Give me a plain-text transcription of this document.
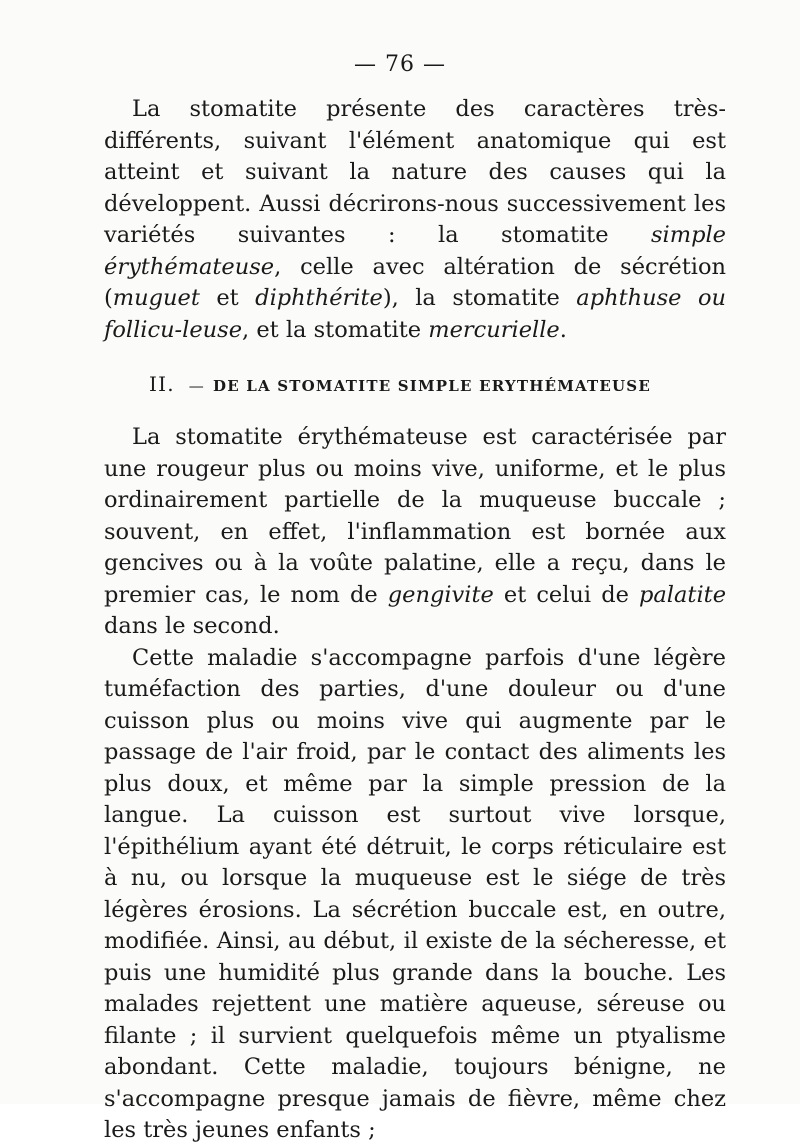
— 76 —

La stomatite présente des caractères très-différents, suivant l'élément anatomique qui est atteint et suivant la nature des causes qui la développent. Aussi décrirons-nous successivement les variétés suivantes : la stomatite simple érythémateuse, celle avec altération de sécrétion (muguet et diphthérite), la stomatite aphthuse ou follicu-leuse, et la stomatite mercurielle.

II. — DE LA STOMATITE SIMPLE ERYTHÉMATEUSE

La stomatite érythémateuse est caractérisée par une rougeur plus ou moins vive, uniforme, et le plus ordinairement partielle de la muqueuse buccale ; souvent, en effet, l'inflammation est bornée aux gencives ou à la voûte palatine, elle a reçu, dans le premier cas, le nom de gengivite et celui de palatite dans le second.

Cette maladie s'accompagne parfois d'une légère tuméfaction des parties, d'une douleur ou d'une cuisson plus ou moins vive qui augmente par le passage de l'air froid, par le contact des aliments les plus doux, et même par la simple pression de la langue. La cuisson est surtout vive lorsque, l'épithélium ayant été détruit, le corps réticulaire est à nu, ou lorsque la muqueuse est le siége de très légères érosions. La sécrétion buccale est, en outre, modifiée. Ainsi, au début, il existe de la sécheresse, et puis une humidité plus grande dans la bouche. Les malades rejettent une matière aqueuse, séreuse ou filante ; il survient quelquefois même un ptyalisme abondant. Cette maladie, toujours bénigne, ne s'accompagne presque jamais de fièvre, même chez les très jeunes enfants ;
